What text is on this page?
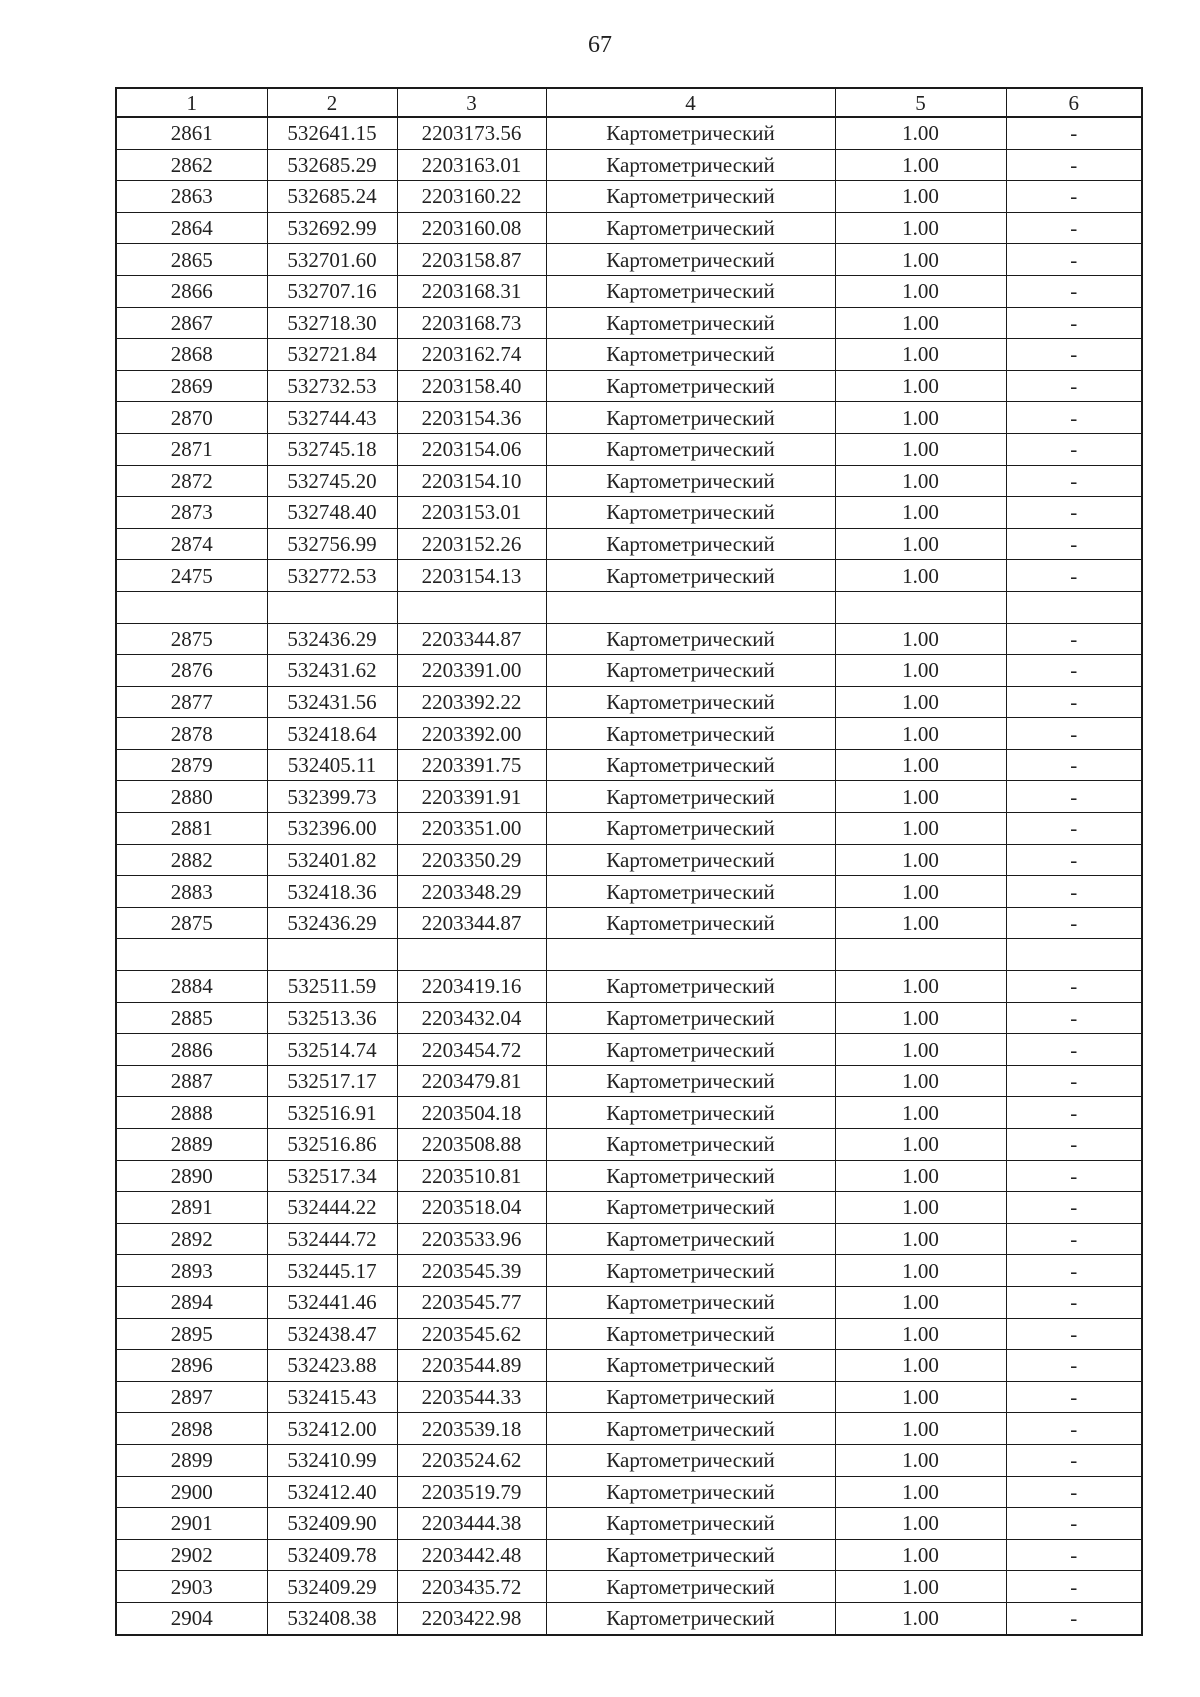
67
1	2	3	4	5	6
2861	532641.15	2203173.56	Картометрический	1.00	-
2862	532685.29	2203163.01	Картометрический	1.00	-
2863	532685.24	2203160.22	Картометрический	1.00	-
2864	532692.99	2203160.08	Картометрический	1.00	-
2865	532701.60	2203158.87	Картометрический	1.00	-
2866	532707.16	2203168.31	Картометрический	1.00	-
2867	532718.30	2203168.73	Картометрический	1.00	-
2868	532721.84	2203162.74	Картометрический	1.00	-
2869	532732.53	2203158.40	Картометрический	1.00	-
2870	532744.43	2203154.36	Картометрический	1.00	-
2871	532745.18	2203154.06	Картометрический	1.00	-
2872	532745.20	2203154.10	Картометрический	1.00	-
2873	532748.40	2203153.01	Картометрический	1.00	-
2874	532756.99	2203152.26	Картометрический	1.00	-
2475	532772.53	2203154.13	Картометрический	1.00	-

2875	532436.29	2203344.87	Картометрический	1.00	-
2876	532431.62	2203391.00	Картометрический	1.00	-
2877	532431.56	2203392.22	Картометрический	1.00	-
2878	532418.64	2203392.00	Картометрический	1.00	-
2879	532405.11	2203391.75	Картометрический	1.00	-
2880	532399.73	2203391.91	Картометрический	1.00	-
2881	532396.00	2203351.00	Картометрический	1.00	-
2882	532401.82	2203350.29	Картометрический	1.00	-
2883	532418.36	2203348.29	Картометрический	1.00	-
2875	532436.29	2203344.87	Картометрический	1.00	-

2884	532511.59	2203419.16	Картометрический	1.00	-
2885	532513.36	2203432.04	Картометрический	1.00	-
2886	532514.74	2203454.72	Картометрический	1.00	-
2887	532517.17	2203479.81	Картометрический	1.00	-
2888	532516.91	2203504.18	Картометрический	1.00	-
2889	532516.86	2203508.88	Картометрический	1.00	-
2890	532517.34	2203510.81	Картометрический	1.00	-
2891	532444.22	2203518.04	Картометрический	1.00	-
2892	532444.72	2203533.96	Картометрический	1.00	-
2893	532445.17	2203545.39	Картометрический	1.00	-
2894	532441.46	2203545.77	Картометрический	1.00	-
2895	532438.47	2203545.62	Картометрический	1.00	-
2896	532423.88	2203544.89	Картометрический	1.00	-
2897	532415.43	2203544.33	Картометрический	1.00	-
2898	532412.00	2203539.18	Картометрический	1.00	-
2899	532410.99	2203524.62	Картометрический	1.00	-
2900	532412.40	2203519.79	Картометрический	1.00	-
2901	532409.90	2203444.38	Картометрический	1.00	-
2902	532409.78	2203442.48	Картометрический	1.00	-
2903	532409.29	2203435.72	Картометрический	1.00	-
2904	532408.38	2203422.98	Картометрический	1.00	-
